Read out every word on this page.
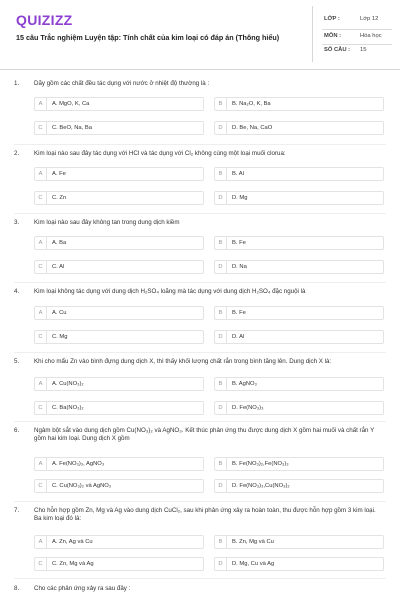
QUIZIZZ
15 câu Trắc nghiệm Luyện tập: Tính chất của kim loại có đáp án (Thông hiểu)
LỚP :	Lớp 12
MÔN :	Hóa học
SỐ CÂU : 15
1. Dãy gồm các chất đều tác dụng với nước ở nhiệt độ thường là :
A	A. MgO, K, Ca	B	B. Na₂O, K, Ba
C	C. BeO, Na, Ba	D	D. Be, Na, CaO
2. Kim loại nào sau đây tác dụng với HCl và tác dụng với Cl₂ không cùng một loại muối clorua:
A	A. Fe	B	B. Al
C	C. Zn	D	D. Mg
3. Kim loại nào sau đây không tan trong dung dịch kiềm
A	A. Ba	B	B. Fe
C	C. Al	D	D. Na
4. Kim loại không tác dụng với dung dịch H₂SO₄ loãng mà tác dụng với dung dịch H₂SO₄ đặc nguội là
A	A. Cu	B	B. Fe
C	C. Mg	D	D. Al
5. Khi cho mẩu Zn vào bình đựng dung dịch X, thì thấy khối lượng chất rắn trong bình tăng lên. Dung dịch X là:
A	A. Cu(NO₃)₂	B	B. AgNO₃
C	C. Ba(NO₃)₂	D	D. Fe(NO₃)₃
6. Ngâm bột sắt vào dung dịch gồm Cu(NO₃)₂ và AgNO₃. Kết thúc phản ứng thu được dung dịch X gồm hai muối và chất rắn Y gồm hai kim loại. Dung dịch X gồm
A	A. Fe(NO₃)₃, AgNO₃	B	B. Fe(NO₃)₂,Fe(NO₃)₃
C	C. Cu(NO₃)₂ và AgNO₃	D	D. Fe(NO₃)₃,Cu(NO₃)₂
7. Cho hỗn hợp gồm Zn, Mg và Ag vào dung dịch CuCl₂, sau khi phản ứng xảy ra hoàn toàn, thu được hỗn hợp gồm 3 kim loại. Ba kim loại đó là:
A	A. Zn, Ag và Cu	B	B. Zn, Mg và Cu
C	C. Zn, Mg và Ag	D	D. Mg, Cu và Ag
8. Cho các phản ứng xảy ra sau đây :
